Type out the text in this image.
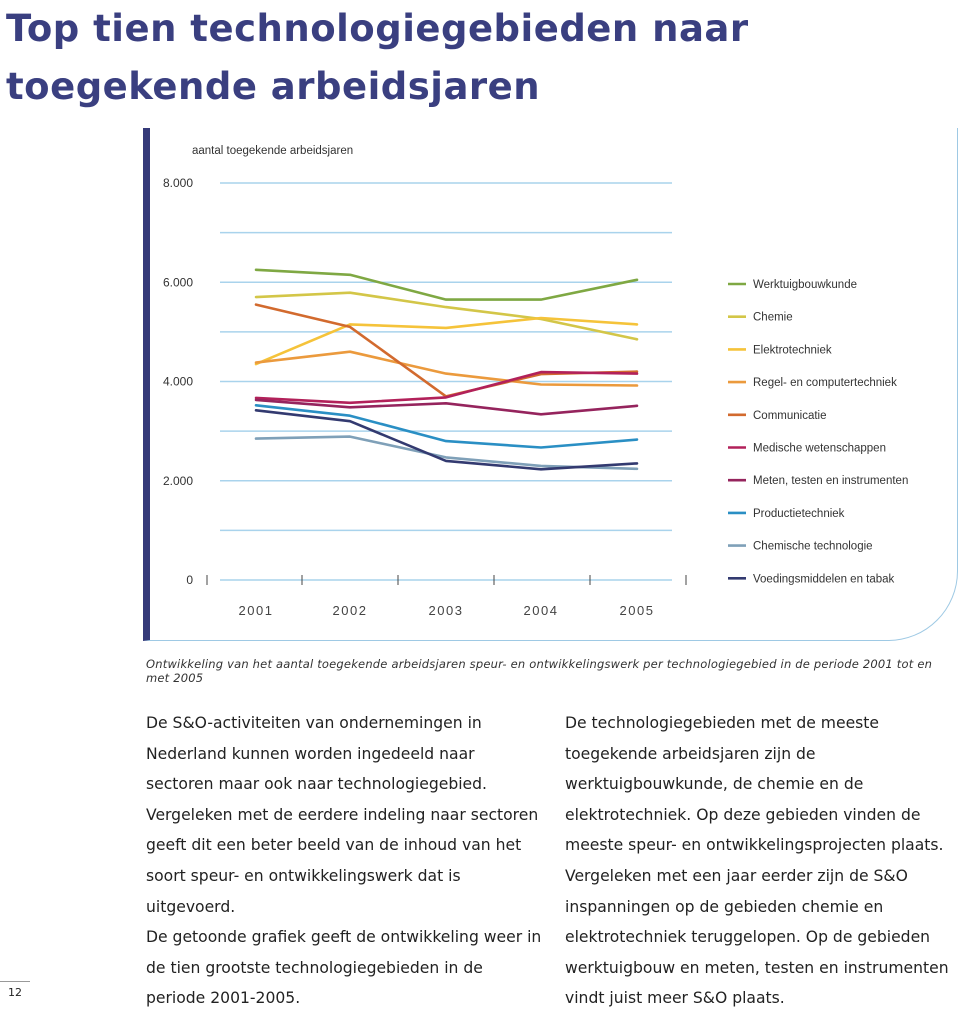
Top tien technologiegebieden naar toegekende arbeidsjaren
0
2.000
4.000
6.000
8.000
2001	2002	2003	2004	2005
Werktuigbouwkunde
Chemie
Elektrotechniek
Regel- en computertechniek
Communicatie
Medische wetenschappen
Meten, testen en instrumenten
Productietechniek
Chemische technologie
Voedingsmiddelen en tabak
aantal toegekende arbeidsjaren
Ontwikkeling van het aantal toegekende arbeidsjaren speur- en ontwikkelingswerk per technologiegebied in de periode 2001 tot en met 2005

De S&O-activiteiten van ondernemingen in Nederland kunnen worden ingedeeld naar sectoren maar ook naar technologiegebied. Vergeleken met de eerdere indeling naar sectoren geeft dit een beter beeld van de inhoud van het soort speur- en ontwikkelingswerk dat is uitgevoerd.

De getoonde grafiek geeft de ontwikkeling weer in de tien grootste technologiegebieden in de periode 2001-2005.

De technologiegebieden met de meeste toegekende arbeidsjaren zijn de werktuigbouwkunde, de chemie en de elektrotechniek. Op deze gebieden vinden de meeste speur- en ontwikkelingsprojecten plaats. Vergeleken met een jaar eerder zijn de S&O inspanningen op de gebieden chemie en elektrotechniek teruggelopen. Op de gebieden werktuigbouw en meten, testen en instrumenten vindt juist meer S&O plaats.

12
